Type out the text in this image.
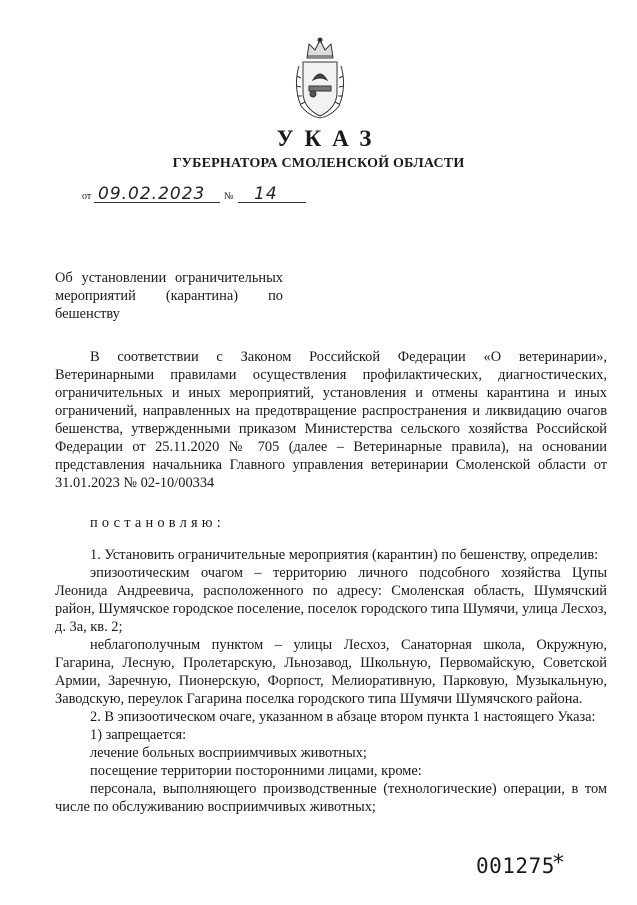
УКАЗ
ГУБЕРНАТОРА СМОЛЕНСКОЙ ОБЛАСТИ
от 09.02.2023 № 14
Об установлении ограничительных
мероприятий (карантина) по
бешенству

В соответствии с Законом Российской Федерации «О ветеринарии», Ветеринарными правилами осуществления профилактических, диагностических, ограничительных и иных мероприятий, установления и отмены карантина и иных ограничений, направленных на предотвращение распространения и ликвидацию очагов бешенства, утвержденными приказом Министерства сельского хозяйства Российской Федерации от 25.11.2020 № 705 (далее – Ветеринарные правила), на основании представления начальника Главного управления ветеринарии Смоленской области от 31.01.2023 № 02-10/00334

постановляю:

1. Установить ограничительные мероприятия (карантин) по бешенству, определив:

эпизоотическим очагом – территорию личного подсобного хозяйства Цупы Леонида Андреевича, расположенного по адресу: Смоленская область, Шумячский район, Шумячское городское поселение, поселок городского типа Шумячи, улица Лесхоз, д. 3а, кв. 2;

неблагополучным пунктом – улицы Лесхоз, Санаторная школа, Окружную, Гагарина, Лесную, Пролетарскую, Льнозавод, Школьную, Первомайскую, Советской Армии, Заречную, Пионерскую, Форпост, Мелиоративную, Парковую, Музыкальную, Заводскую, переулок Гагарина поселка городского типа Шумячи Шумячского района.

2. В эпизоотическом очаге, указанном в абзаце втором пункта 1 настоящего Указа:

1) запрещается:

лечение больных восприимчивых животных;

посещение территории посторонними лицами, кроме:

персонала, выполняющего производственные (технологические) операции, в том числе по обслуживанию восприимчивых животных;

001275
*
